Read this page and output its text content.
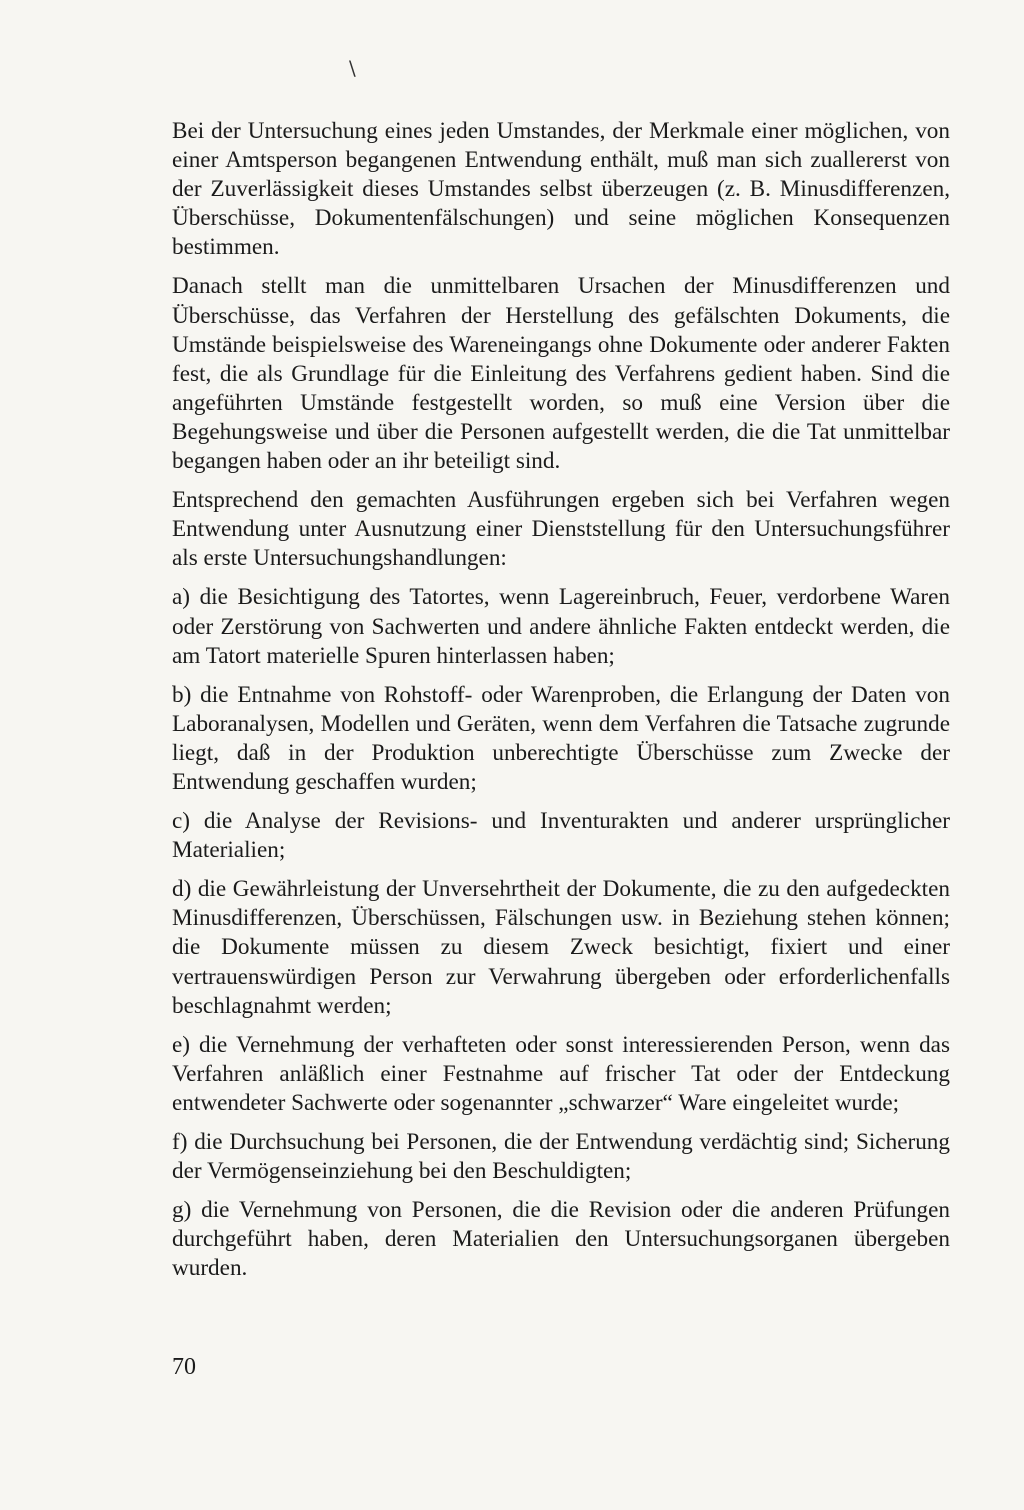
\

Bei der Untersuchung eines jeden Umstandes, der Merkmale einer möglichen, von einer Amtsperson begangenen Entwendung enthält, muß man sich zuallererst von der Zuverlässigkeit dieses Umstandes selbst überzeugen (z. B. Minusdifferenzen, Überschüsse, Dokumentenfälschungen) und seine möglichen Konsequenzen bestimmen.

Danach stellt man die unmittelbaren Ursachen der Minusdifferenzen und Überschüsse, das Verfahren der Herstellung des gefälschten Dokuments, die Umstände beispielsweise des Wareneingangs ohne Dokumente oder anderer Fakten fest, die als Grundlage für die Einleitung des Verfahrens gedient haben. Sind die angeführten Umstände festgestellt worden, so muß eine Version über die Begehungsweise und über die Personen aufgestellt werden, die die Tat unmittelbar begangen haben oder an ihr beteiligt sind.

Entsprechend den gemachten Ausführungen ergeben sich bei Verfahren wegen Entwendung unter Ausnutzung einer Dienststellung für den Untersuchungsführer als erste Untersuchungshandlungen:

a) die Besichtigung des Tatortes, wenn Lagereinbruch, Feuer, verdorbene Waren oder Zerstörung von Sachwerten und andere ähnliche Fakten entdeckt werden, die am Tatort materielle Spuren hinterlassen haben;

b) die Entnahme von Rohstoff- oder Warenproben, die Erlangung der Daten von Laboranalysen, Modellen und Geräten, wenn dem Verfahren die Tatsache zugrunde liegt, daß in der Produktion unberechtigte Überschüsse zum Zwecke der Entwendung geschaffen wurden;

c) die Analyse der Revisions- und Inventurakten und anderer ursprünglicher Materialien;

d) die Gewährleistung der Unversehrtheit der Dokumente, die zu den aufgedeckten Minusdifferenzen, Überschüssen, Fälschungen usw. in Beziehung stehen können; die Dokumente müssen zu diesem Zweck besichtigt, fixiert und einer vertrauenswürdigen Person zur Verwahrung übergeben oder erforderlichenfalls beschlagnahmt werden;

e) die Vernehmung der verhafteten oder sonst interessierenden Person, wenn das Verfahren anläßlich einer Festnahme auf frischer Tat oder der Entdeckung entwendeter Sachwerte oder sogenannter „schwarzer“ Ware eingeleitet wurde;

f) die Durchsuchung bei Personen, die der Entwendung verdächtig sind; Sicherung der Vermögenseinziehung bei den Beschuldigten;

g) die Vernehmung von Personen, die die Revision oder die anderen Prüfungen durchgeführt haben, deren Materialien den Untersuchungsorganen übergeben wurden.

70
